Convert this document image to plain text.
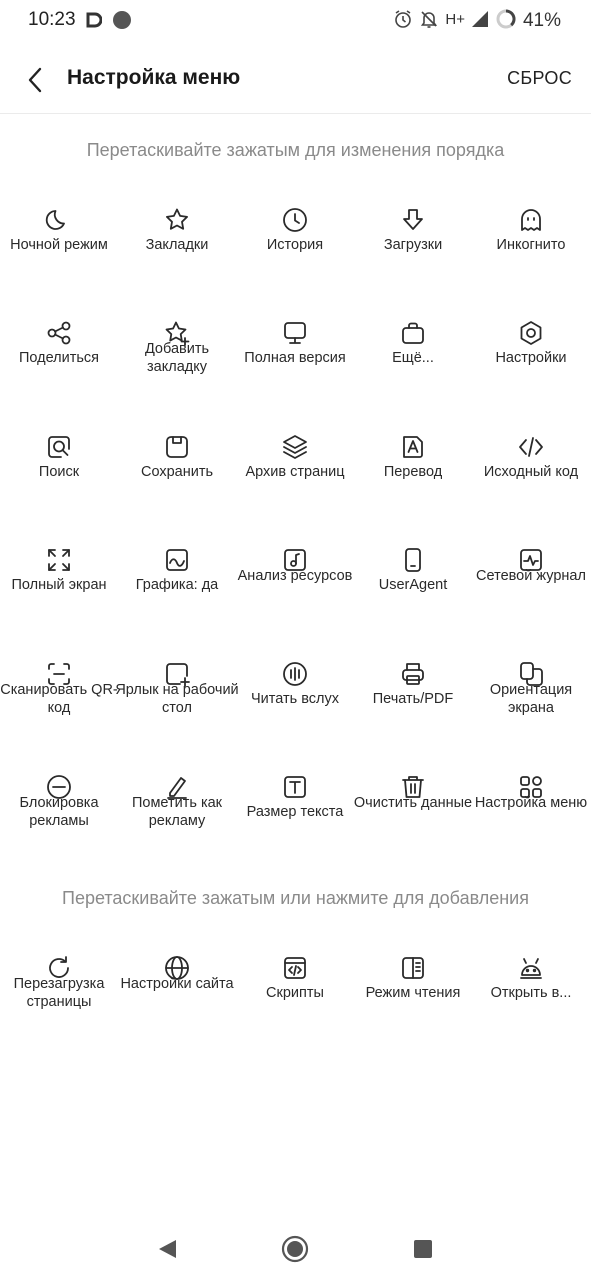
10:23	H+	41%
Настройка меню	СБРОС
Перетаскивайте зажатым для изменения порядка
Ночной режим	Закладки	История	Загрузки	Инкогнито
Поделиться
Добавить закладку
Полная версия	Ещё...	Настройки
Поиск	Сохранить	Архив страниц	Перевод	Исходный код
Полный экран	Графика: да
Анализ ресурсов
UserAgent
Сетевой журнал
Сканировать QR-код
Ярлык на рабочий стол
Читать вслух	Печать/PDF
Ориентация экрана
Блокировка рекламы
Пометить как рекламу
Размер текста
Очистить данные Настройка меню
Перетаскивайте зажатым или нажмите для добавления
Перезагрузка страницы
Настройки сайта
Скрипты	Режим чтения	Открыть в...
